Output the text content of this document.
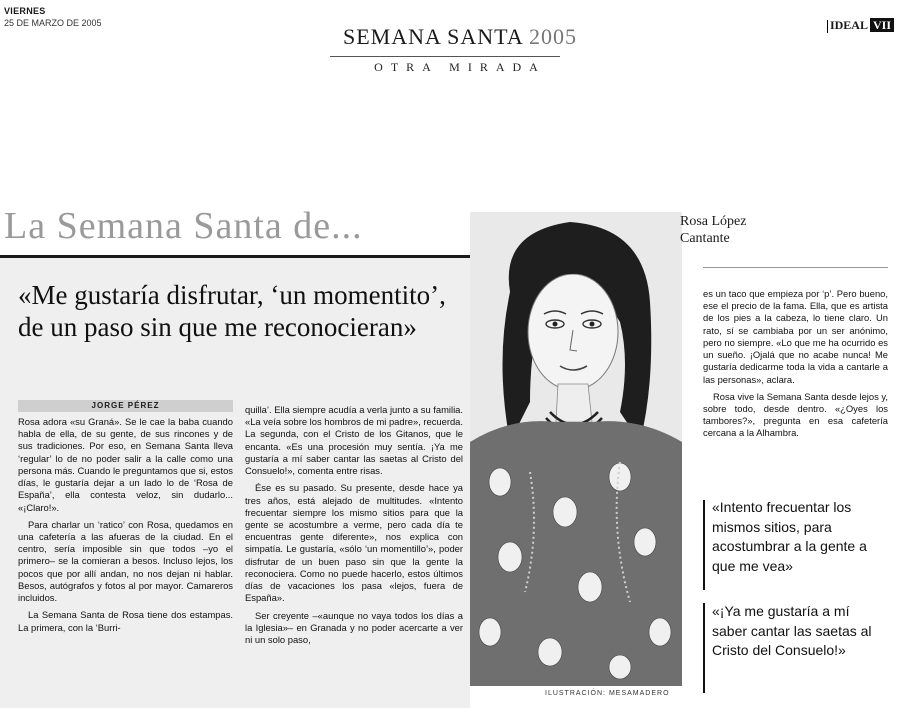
VIERNES
25 DE MARZO DE 2005
SEMANA SANTA 2005
OTRA MIRADA
IDEAL VII
La Semana Santa de...
«Me gustaría disfrutar, ‘un momentito’, de un paso sin que me reconocieran»
JORGE PÉREZ

Rosa adora «su Graná». Se le cae la baba cuando habla de ella, de su gente, de sus rincones y de sus tradiciones. Por eso, en Semana Santa lleva ‘regular’ lo de no poder salir a la calle como una persona más. Cuando le preguntamos que si, estos días, le gustaría dejar a un lado lo de ‘Rosa de España’, ella contesta veloz, sin dudarlo... «¡Claro!».

Para charlar un ‘ratico’ con Rosa, quedamos en una cafetería a las afueras de la ciudad. En el centro, sería imposible sin que todos –yo el primero– se la comieran a besos. Incluso lejos, los pocos que por allí andan, no nos dejan ni hablar. Besos, autógrafos y fotos al por mayor. Camareros incluidos.

La Semana Santa de Rosa tiene dos estampas. La primera, con la ‘Burri-

quilla’. Ella siempre acudía a verla junto a su familia. «La veía sobre los hombros de mi padre», recuerda. La segunda, con el Cristo de los Gitanos, que le encanta. «Es una procesión muy sentía. ¡Ya me gustaría a mí saber cantar las saetas al Cristo del Consuelo!», comenta entre risas.

Ése es su pasado. Su presente, desde hace ya tres años, está alejado de multitudes. «Intento frecuentar siempre los mismo sitios para que la gente se acostumbre a verme, pero cada día te encuentras gente diferente», nos explica con simpatía. Le gustaría, «sólo ‘un momentillo’», poder disfrutar de un buen paso sin que la gente la reconociera. Como no puede hacerlo, estos últimos días de vacaciones los pasa «lejos, fuera de España».

Ser creyente –«aunque no vaya todos los días a la Iglesia»– en Granada y no poder acercarte a ver ni un solo paso,

ILUSTRACIÓN: MESAMADERO
Rosa López
Cantante

es un taco que empieza por ‘p’. Pero bueno, ese el precio de la fama. Ella, que es artista de los pies a la cabeza, lo tiene claro. Un rato, sí se cambiaba por un ser anónimo, pero no siempre. «Lo que me ha ocurrido es un sueño. ¡Ojalá que no acabe nunca! Me gustaría dedicarme toda la vida a cantarle a las personas», aclara.

Rosa vive la Semana Santa desde lejos y, sobre todo, desde dentro. «¿Oyes los tambores?», pregunta en esa cafetería cercana a la Alhambra.

«Intento frecuentar los mismos sitios, para acostumbrar a la gente a que me vea»
«¡Ya me gustaría a mí saber cantar las saetas al Cristo del Consuelo!»
